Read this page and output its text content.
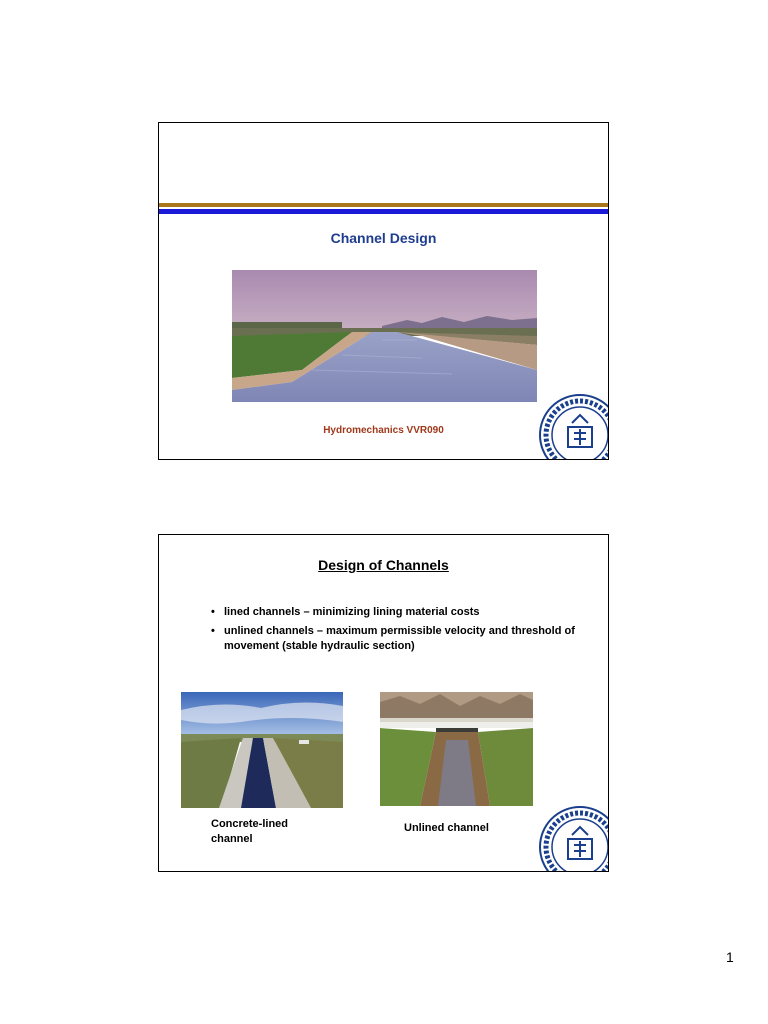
Channel Design
Hydromechanics VVR090
Design of Channels
• lined channels – minimizing lining material costs
• unlined channels – maximum permissible velocity and threshold of movement (stable hydraulic section)
Concrete-lined channel
Unlined channel
1
